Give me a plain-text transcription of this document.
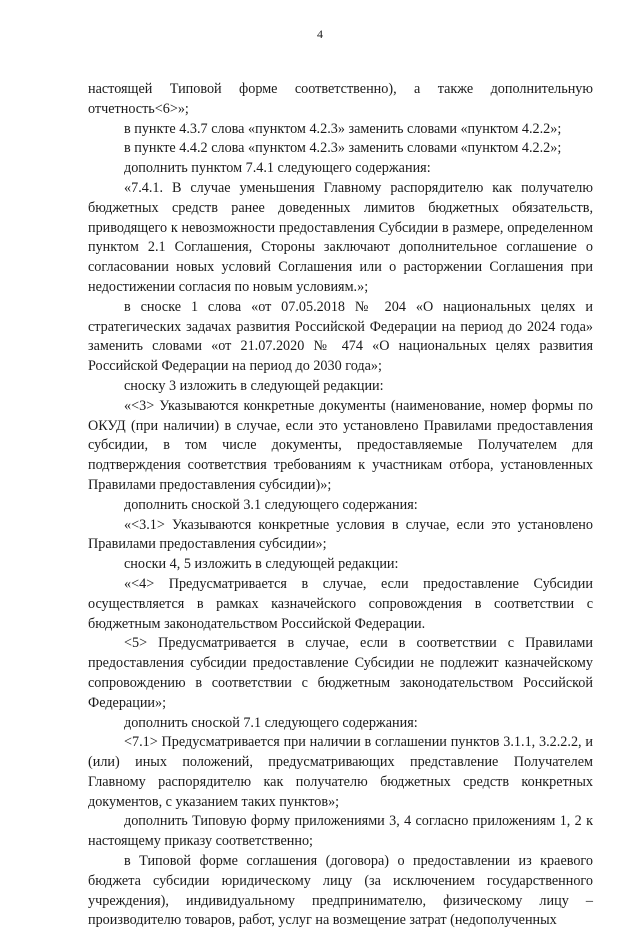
4

настоящей Типовой форме соответственно), а также дополнительную отчетность<6>»;

в пункте 4.3.7 слова «пунктом 4.2.3» заменить словами «пунктом 4.2.2»;

в пункте 4.4.2 слова «пунктом 4.2.3» заменить словами «пунктом 4.2.2»;

дополнить пунктом 7.4.1 следующего содержания:

«7.4.1. В случае уменьшения Главному распорядителю как получателю бюджетных средств ранее доведенных лимитов бюджетных обязательств, приводящего к невозможности предоставления Субсидии в размере, определенном пунктом 2.1 Соглашения, Стороны заключают дополнительное соглашение о согласовании новых условий Соглашения или о расторжении Соглашения при недостижении согласия по новым условиям.»;

в сноске 1 слова «от 07.05.2018 № 204 «О национальных целях и стратегических задачах развития Российской Федерации на период до 2024 года» заменить словами «от 21.07.2020 № 474 «О национальных целях развития Российской Федерации на период до 2030 года»;

сноску 3 изложить в следующей редакции:

«<3> Указываются конкретные документы (наименование, номер формы по ОКУД (при наличии) в случае, если это установлено Правилами предоставления субсидии, в том числе документы, предоставляемые Получателем для подтверждения соответствия требованиям к участникам отбора, установленных Правилами предоставления субсидии)»;

дополнить сноской 3.1 следующего содержания:

«<3.1> Указываются конкретные условия в случае, если это установлено Правилами предоставления субсидии»;

сноски 4, 5 изложить в следующей редакции:

«<4> Предусматривается в случае, если предоставление Субсидии осуществляется в рамках казначейского сопровождения в соответствии с бюджетным законодательством Российской Федерации.

<5> Предусматривается в случае, если в соответствии с Правилами предоставления субсидии предоставление Субсидии не подлежит казначейскому сопровождению в соответствии с бюджетным законодательством Российской Федерации»;

дополнить сноской 7.1 следующего содержания:

<7.1> Предусматривается при наличии в соглашении пунктов 3.1.1, 3.2.2.2, и (или) иных положений, предусматривающих представление Получателем Главному распорядителю как получателю бюджетных средств конкретных документов, с указанием таких пунктов»;

дополнить Типовую форму приложениями 3, 4 согласно приложениям 1, 2 к настоящему приказу соответственно;

в Типовой форме соглашения (договора) о предоставлении из краевого бюджета субсидии юридическому лицу (за исключением государственного учреждения), индивидуальному предпринимателю, физическому лицу – производителю товаров, работ, услуг на возмещение затрат (недополученных
